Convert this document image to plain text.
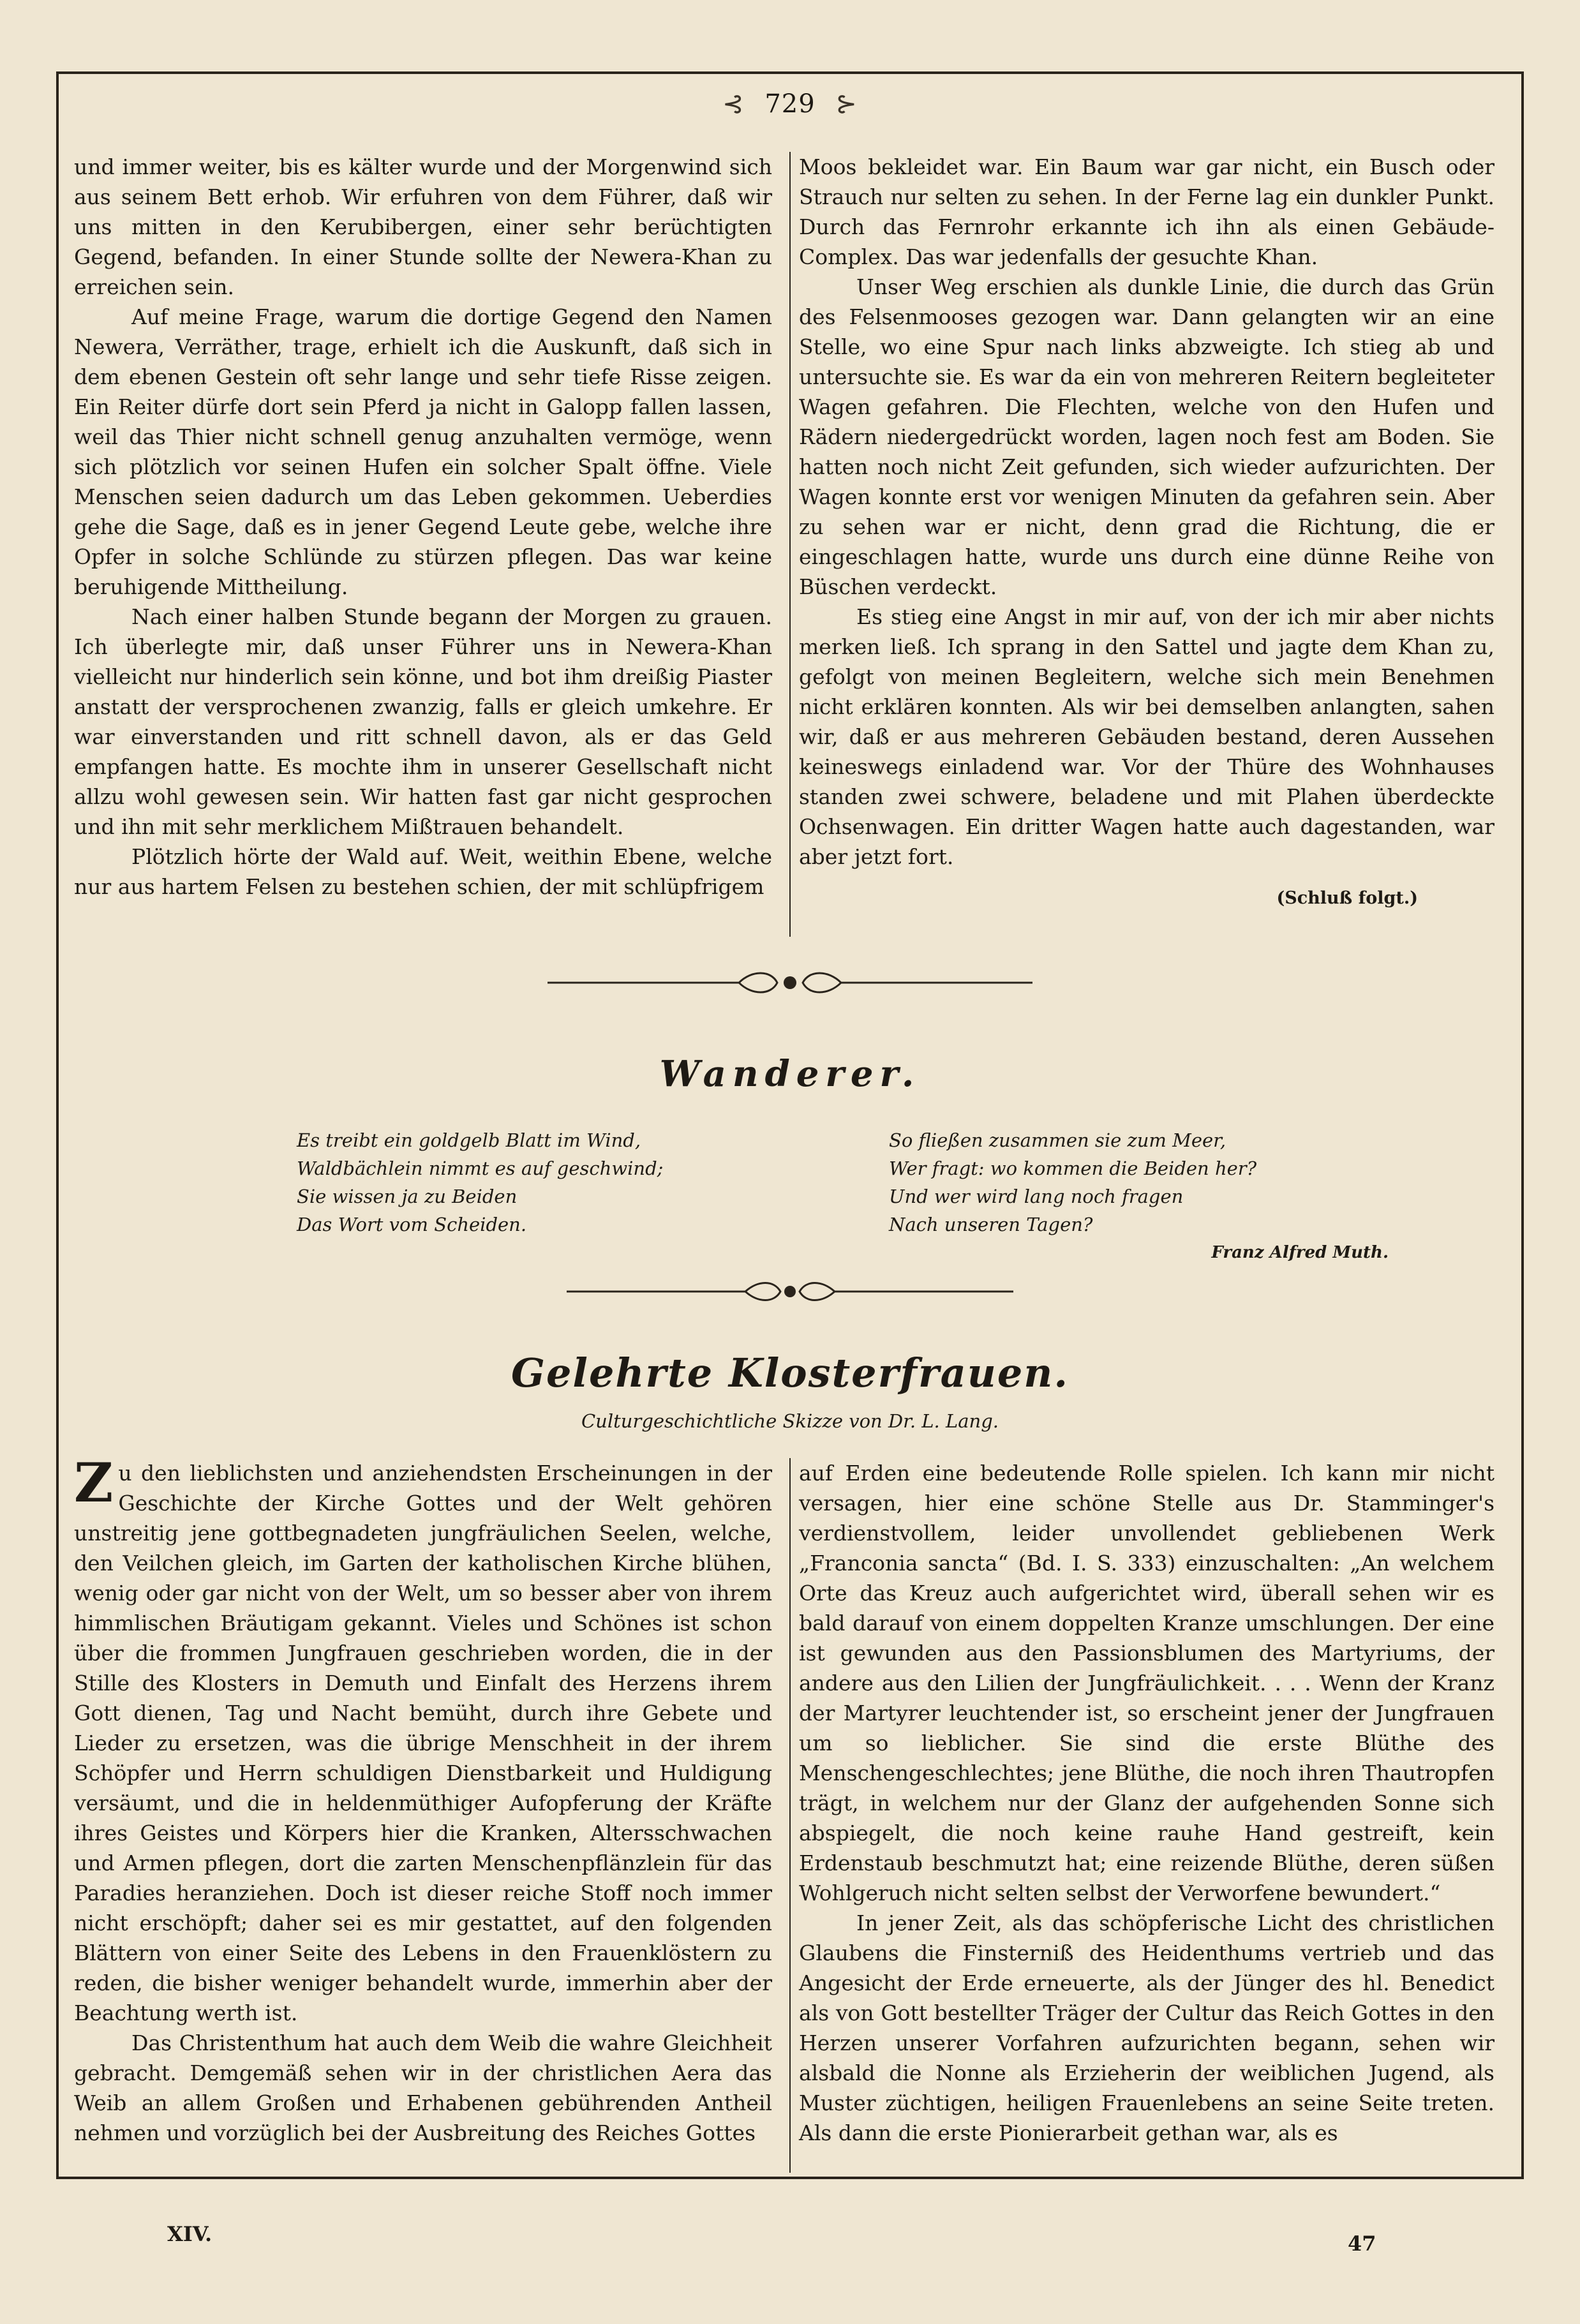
⊰ 729 ⊱

und immer weiter, bis es kälter wurde und der Morgenwind sich aus seinem Bett erhob. Wir erfuhren von dem Führer, daß wir uns mitten in den Kerubibergen, einer sehr berüchtigten Gegend, befanden. In einer Stunde sollte der Newera-Khan zu erreichen sein.

Auf meine Frage, warum die dortige Gegend den Namen Newera, Verräther, trage, erhielt ich die Auskunft, daß sich in dem ebenen Gestein oft sehr lange und sehr tiefe Risse zeigen. Ein Reiter dürfe dort sein Pferd ja nicht in Galopp fallen lassen, weil das Thier nicht schnell genug anzuhalten vermöge, wenn sich plötzlich vor seinen Hufen ein solcher Spalt öffne. Viele Menschen seien dadurch um das Leben gekommen. Ueberdies gehe die Sage, daß es in jener Gegend Leute gebe, welche ihre Opfer in solche Schlünde zu stürzen pflegen. Das war keine beruhigende Mittheilung.

Nach einer halben Stunde begann der Morgen zu grauen. Ich überlegte mir, daß unser Führer uns in Newera-Khan vielleicht nur hinderlich sein könne, und bot ihm dreißig Piaster anstatt der versprochenen zwanzig, falls er gleich umkehre. Er war einverstanden und ritt schnell davon, als er das Geld empfangen hatte. Es mochte ihm in unserer Gesellschaft nicht allzu wohl gewesen sein. Wir hatten fast gar nicht gesprochen und ihn mit sehr merklichem Mißtrauen behandelt.

Plötzlich hörte der Wald auf. Weit, weithin Ebene, welche nur aus hartem Felsen zu bestehen schien, der mit schlüpfrigem

Moos bekleidet war. Ein Baum war gar nicht, ein Busch oder Strauch nur selten zu sehen. In der Ferne lag ein dunkler Punkt. Durch das Fernrohr erkannte ich ihn als einen Gebäude-Complex. Das war jedenfalls der gesuchte Khan.

Unser Weg erschien als dunkle Linie, die durch das Grün des Felsenmooses gezogen war. Dann gelangten wir an eine Stelle, wo eine Spur nach links abzweigte. Ich stieg ab und untersuchte sie. Es war da ein von mehreren Reitern begleiteter Wagen gefahren. Die Flechten, welche von den Hufen und Rädern niedergedrückt worden, lagen noch fest am Boden. Sie hatten noch nicht Zeit gefunden, sich wieder aufzurichten. Der Wagen konnte erst vor wenigen Minuten da gefahren sein. Aber zu sehen war er nicht, denn grad die Richtung, die er eingeschlagen hatte, wurde uns durch eine dünne Reihe von Büschen verdeckt.

Es stieg eine Angst in mir auf, von der ich mir aber nichts merken ließ. Ich sprang in den Sattel und jagte dem Khan zu, gefolgt von meinen Begleitern, welche sich mein Benehmen nicht erklären konnten. Als wir bei demselben anlangten, sahen wir, daß er aus mehreren Gebäuden bestand, deren Aussehen keineswegs einladend war. Vor der Thüre des Wohnhauses standen zwei schwere, beladene und mit Plahen überdeckte Ochsenwagen. Ein dritter Wagen hatte auch dagestanden, war aber jetzt fort.

(Schluß folgt.)
Wanderer.
Es treibt ein goldgelb Blatt im Wind,
Waldbächlein nimmt es auf geschwind;
Sie wissen ja zu Beiden
Das Wort vom Scheiden.
So fließen zusammen sie zum Meer,
Wer fragt: wo kommen die Beiden her?
Und wer wird lang noch fragen
Nach unseren Tagen?
Franz Alfred Muth.
Gelehrte Klosterfrauen.
Culturgeschichtliche Skizze von Dr. L. Lang.

Zu den lieblichsten und anziehendsten Erscheinungen in der Geschichte der Kirche Gottes und der Welt gehören unstreitig jene gottbegnadeten jungfräulichen Seelen, welche, den Veilchen gleich, im Garten der katholischen Kirche blühen, wenig oder gar nicht von der Welt, um so besser aber von ihrem himmlischen Bräutigam gekannt. Vieles und Schönes ist schon über die frommen Jungfrauen geschrieben worden, die in der Stille des Klosters in Demuth und Einfalt des Herzens ihrem Gott dienen, Tag und Nacht bemüht, durch ihre Gebete und Lieder zu ersetzen, was die übrige Menschheit in der ihrem Schöpfer und Herrn schuldigen Dienstbarkeit und Huldigung versäumt, und die in heldenmüthiger Aufopferung der Kräfte ihres Geistes und Körpers hier die Kranken, Altersschwachen und Armen pflegen, dort die zarten Menschenpflänzlein für das Paradies heranziehen. Doch ist dieser reiche Stoff noch immer nicht erschöpft; daher sei es mir gestattet, auf den folgenden Blättern von einer Seite des Lebens in den Frauenklöstern zu reden, die bisher weniger behandelt wurde, immerhin aber der Beachtung werth ist.

Das Christenthum hat auch dem Weib die wahre Gleichheit gebracht. Demgemäß sehen wir in der christlichen Aera das Weib an allem Großen und Erhabenen gebührenden Antheil nehmen und vorzüglich bei der Ausbreitung des Reiches Gottes

auf Erden eine bedeutende Rolle spielen. Ich kann mir nicht versagen, hier eine schöne Stelle aus Dr. Stamminger's verdienstvollem, leider unvollendet gebliebenen Werk „Franconia sancta“ (Bd. I. S. 333) einzuschalten: „An welchem Orte das Kreuz auch aufgerichtet wird, überall sehen wir es bald darauf von einem doppelten Kranze umschlungen. Der eine ist gewunden aus den Passionsblumen des Martyriums, der andere aus den Lilien der Jungfräulichkeit. . . . Wenn der Kranz der Martyrer leuchtender ist, so erscheint jener der Jungfrauen um so lieblicher. Sie sind die erste Blüthe des Menschengeschlechtes; jene Blüthe, die noch ihren Thautropfen trägt, in welchem nur der Glanz der aufgehenden Sonne sich abspiegelt, die noch keine rauhe Hand gestreift, kein Erdenstaub beschmutzt hat; eine reizende Blüthe, deren süßen Wohlgeruch nicht selten selbst der Verworfene bewundert.“

In jener Zeit, als das schöpferische Licht des christlichen Glaubens die Finsterniß des Heidenthums vertrieb und das Angesicht der Erde erneuerte, als der Jünger des hl. Benedict als von Gott bestellter Träger der Cultur das Reich Gottes in den Herzen unserer Vorfahren aufzurichten begann, sehen wir alsbald die Nonne als Erzieherin der weiblichen Jugend, als Muster züchtigen, heiligen Frauenlebens an seine Seite treten. Als dann die erste Pionierarbeit gethan war, als es

XIV.	47
